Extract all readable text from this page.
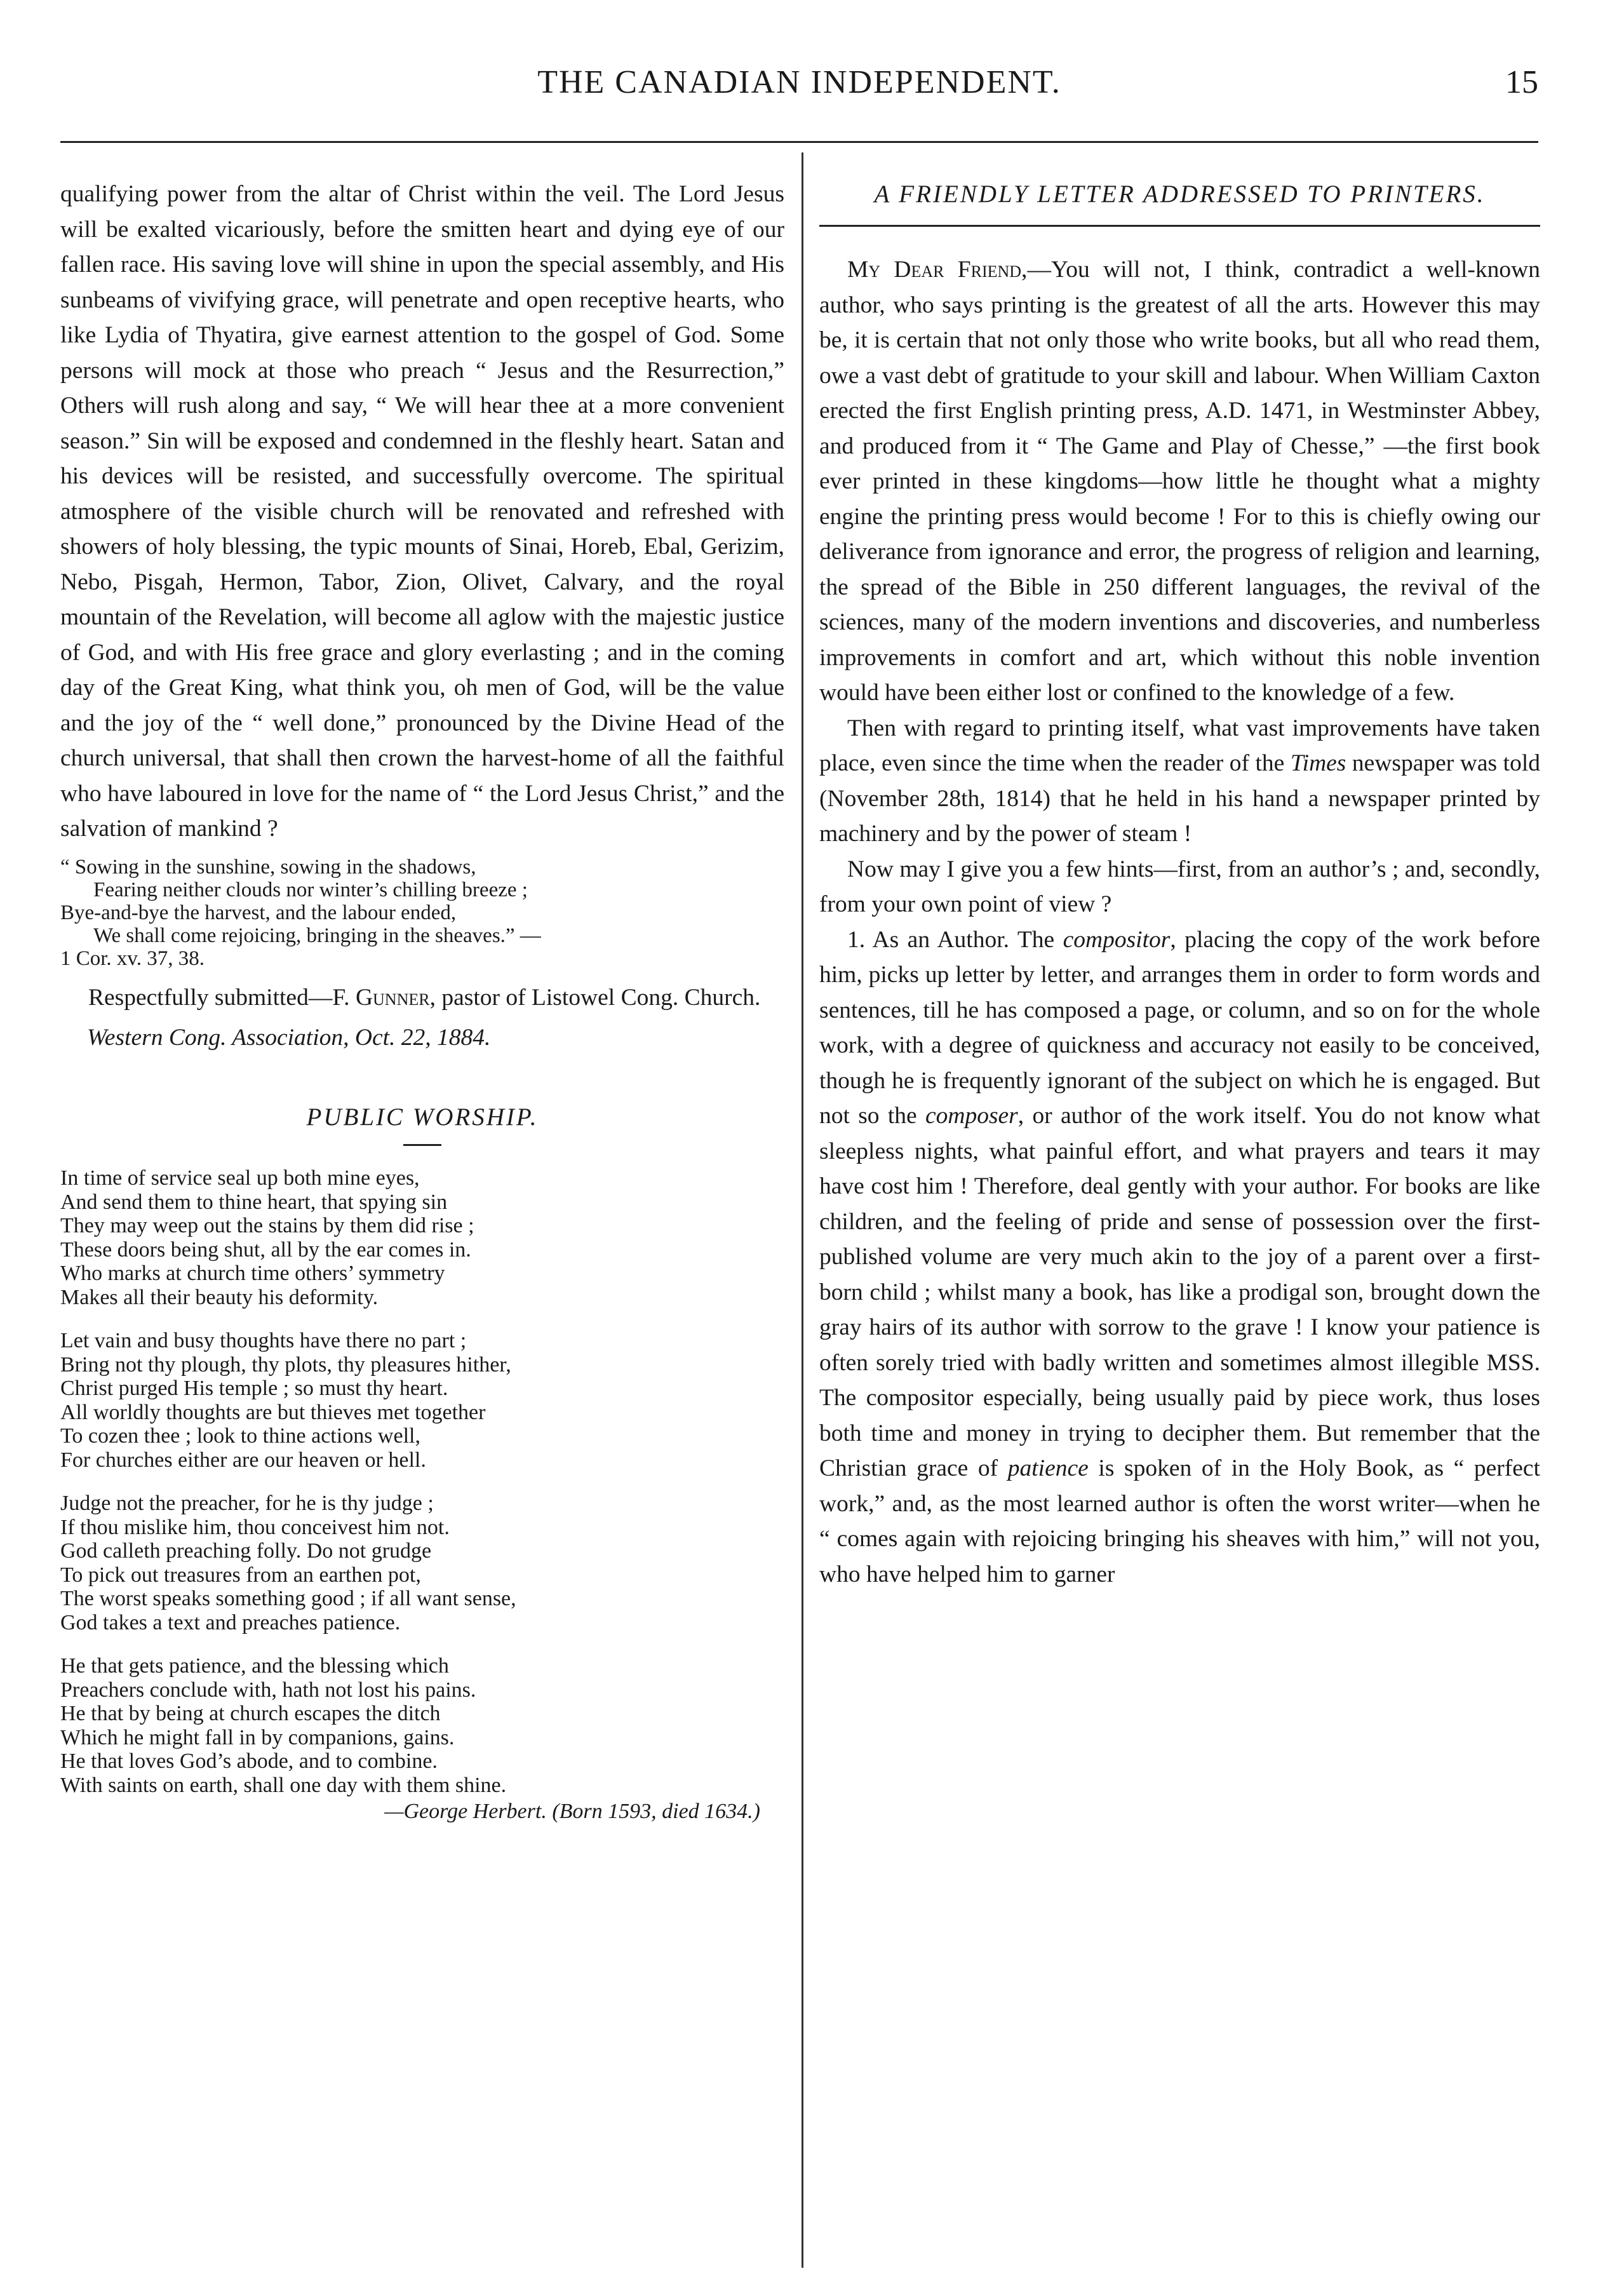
THE CANADIAN INDEPENDENT.	15

qualifying power from the altar of Christ within the veil. The Lord Jesus will be exalted vicariously, before the smitten heart and dying eye of our fallen race. His saving love will shine in upon the special assembly, and His sunbeams of vivifying grace, will penetrate and open receptive hearts, who like Lydia of Thyatira, give earnest attention to the gospel of God. Some persons will mock at those who preach “ Jesus and the Resurrection,” Others will rush along and say, “ We will hear thee at a more convenient season.” Sin will be exposed and condemned in the fleshly heart. Satan and his devices will be resisted, and successfully overcome. The spiritual atmosphere of the visible church will be renovated and refreshed with showers of holy blessing, the typic mounts of Sinai, Horeb, Ebal, Gerizim, Nebo, Pisgah, Hermon, Tabor, Zion, Olivet, Calvary, and the royal mountain of the Revelation, will become all aglow with the majestic justice of God, and with His free grace and glory everlasting ; and in the coming day of the Great King, what think you, oh men of God, will be the value and the joy of the “ well done,” pronounced by the Divine Head of the church universal, that shall then crown the harvest-home of all the faithful who have laboured in love for the name of “ the Lord Jesus Christ,” and the salvation of mankind ?

“ Sowing in the sunshine, sowing in the shadows,
Fearing neither clouds nor winter’s chilling breeze ;
Bye-and-bye the harvest, and the labour ended,
We shall come rejoicing, bringing in the sheaves.” —
1 Cor. xv. 37, 38.

Respectfully submitted—F. Gunner, pastor of Listowel Cong. Church.

Western Cong. Association, Oct. 22, 1884.
PUBLIC WORSHIP.
In time of service seal up both mine eyes,
And send them to thine heart, that spying sin
They may weep out the stains by them did rise ;
These doors being shut, all by the ear comes in.
Who marks at church time others’ symmetry
Makes all their beauty his deformity.
Let vain and busy thoughts have there no part ;
Bring not thy plough, thy plots, thy pleasures hither,
Christ purged His temple ; so must thy heart.
All worldly thoughts are but thieves met together
To cozen thee ; look to thine actions well,
For churches either are our heaven or hell.
Judge not the preacher, for he is thy judge ;
If thou mislike him, thou conceivest him not.
God calleth preaching folly. Do not grudge
To pick out treasures from an earthen pot,
The worst speaks something good ; if all want sense,
God takes a text and preaches patience.
He that gets patience, and the blessing which
Preachers conclude with, hath not lost his pains.
He that by being at church escapes the ditch
Which he might fall in by companions, gains.
He that loves God’s abode, and to combine.
With saints on earth, shall one day with them shine.
—George Herbert. (Born 1593, died 1634.)
A FRIENDLY LETTER ADDRESSED TO PRINTERS.

My Dear Friend,—You will not, I think, contradict a well-known author, who says printing is the greatest of all the arts. However this may be, it is certain that not only those who write books, but all who read them, owe a vast debt of gratitude to your skill and labour. When William Caxton erected the first English printing press, A.D. 1471, in Westminster Abbey, and produced from it “ The Game and Play of Chesse,” —the first book ever printed in these kingdoms—how little he thought what a mighty engine the printing press would become ! For to this is chiefly owing our deliverance from ignorance and error, the progress of religion and learning, the spread of the Bible in 250 different languages, the revival of the sciences, many of the modern inventions and discoveries, and numberless improvements in comfort and art, which without this noble invention would have been either lost or confined to the knowledge of a few.

Then with regard to printing itself, what vast improvements have taken place, even since the time when the reader of the Times newspaper was told (November 28th, 1814) that he held in his hand a newspaper printed by machinery and by the power of steam !

Now may I give you a few hints—first, from an author’s ; and, secondly, from your own point of view ?

1. As an Author. The compositor, placing the copy of the work before him, picks up letter by letter, and arranges them in order to form words and sentences, till he has composed a page, or column, and so on for the whole work, with a degree of quickness and accuracy not easily to be conceived, though he is frequently ignorant of the subject on which he is engaged. But not so the composer, or author of the work itself. You do not know what sleepless nights, what painful effort, and what prayers and tears it may have cost him ! Therefore, deal gently with your author. For books are like children, and the feeling of pride and sense of possession over the first-published volume are very much akin to the joy of a parent over a first-born child ; whilst many a book, has like a prodigal son, brought down the gray hairs of its author with sorrow to the grave ! I know your patience is often sorely tried with badly written and sometimes almost illegible MSS. The compositor especially, being usually paid by piece work, thus loses both time and money in trying to decipher them. But remember that the Christian grace of patience is spoken of in the Holy Book, as “ perfect work,” and, as the most learned author is often the worst writer—when he “ comes again with rejoicing bringing his sheaves with him,” will not you, who have helped him to garner
